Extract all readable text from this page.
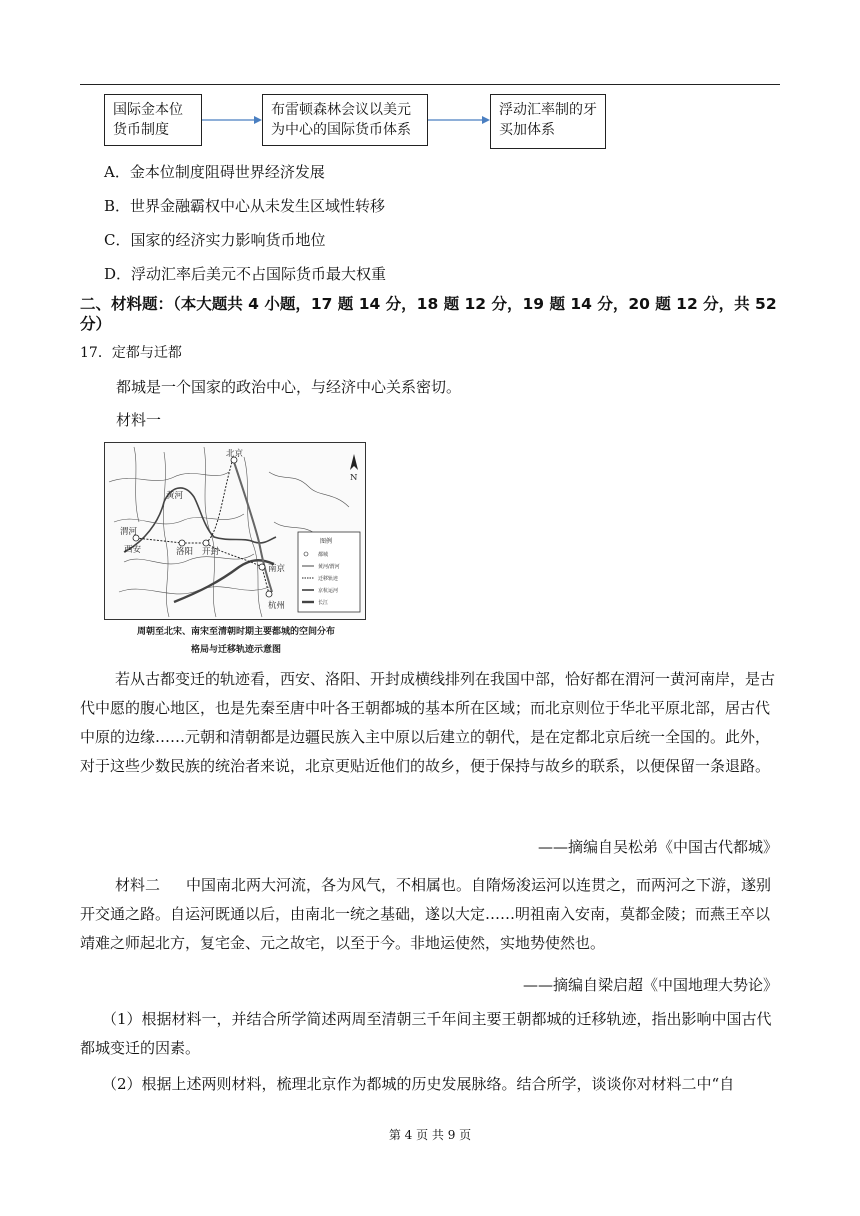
国际金本位货币制度
布雷顿森林会议以美元为中心的国际货币体系
浮动汇率制的牙买加体系
A．金本位制度阻碍世界经济发展
B．世界金融霸权中心从未发生区域性转移
C．国家的经济实力影响货币地位
D．浮动汇率后美元不占国际货币最大权重
二、材料题：（本大题共 4 小题，17 题 14 分，18 题 12 分，19 题 14 分，20 题 12 分，共 52 分）
17．定都与迁都
都城是一个国家的政治中心，与经济中心关系密切。
材料一
北京
黄河
渭河
西安	洛阳 开封
南京
杭州
N
图例
都城
黄河/渭河
迁移轨迹
京杭运河
长江
周朝至北宋、南宋至清朝时期主要都城的空间分布格局与迁移轨迹示意图
若从古都变迁的轨迹看，西安、洛阳、开封成横线排列在我国中部，恰好都在渭河一黄河南岸，是古代中愿的腹心地区，也是先秦至唐中叶各王朝都城的基本所在区域；而北京则位于华北平原北部，居古代中原的边缘……元朝和清朝都是边疆民族入主中原以后建立的朝代，是在定都北京后统一全国的。此外，对于这些少数民族的统治者来说，北京更贴近他们的故乡，便于保持与故乡的联系，以便保留一条退路。
——摘编自吴松弟《中国古代都城》
材料二 中国南北两大河流，各为风气，不相属也。自隋炀浚运河以连贯之，而两河之下游，遂别开交通之路。自运河既通以后，由南北一统之基础，遂以大定……明祖南入安南，莫都金陵；而燕王卒以靖难之师起北方，复宅金、元之故宅，以至于今。非地运使然，实地势使然也。
——摘编自梁启超《中国地理大势论》
（1）根据材料一，并结合所学简述两周至清朝三千年间主要王朝都城的迁移轨迹，指出影响中国古代都城变迁的因素。
（2）根据上述两则材料，梳理北京作为都城的历史发展脉络。结合所学，谈谈你对材料二中“自
第 4 页 共 9 页
